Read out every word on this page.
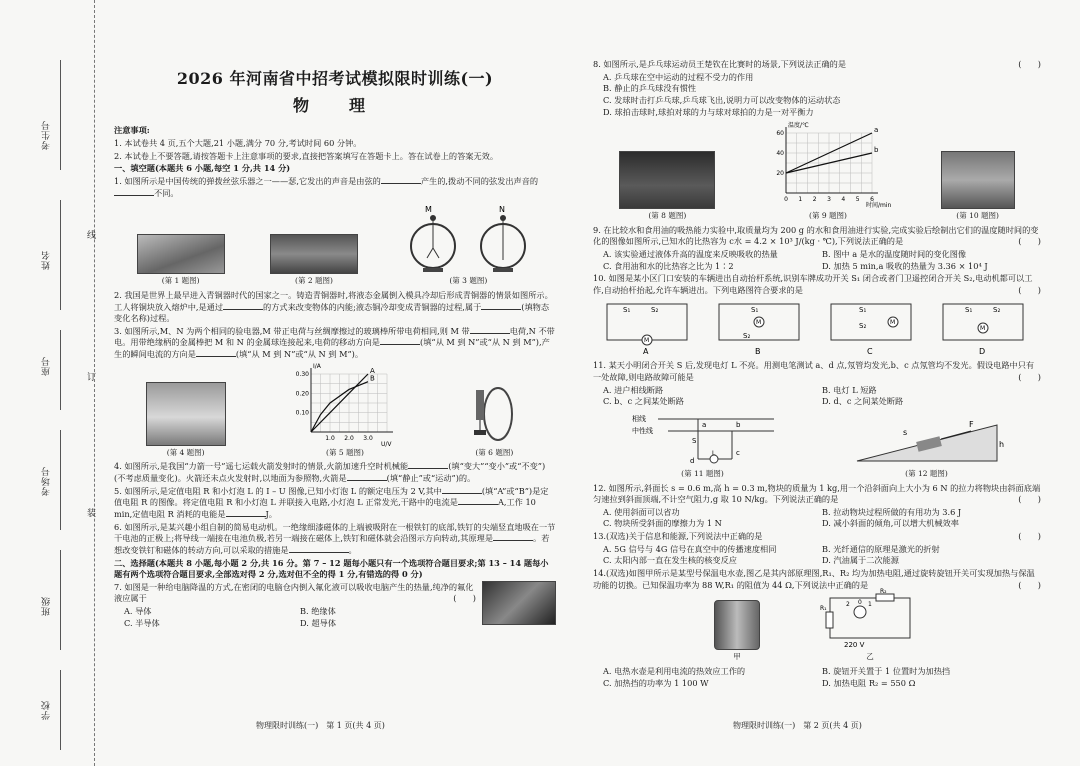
考生号
姓名
座号
考场号
班级
学校
线
订
装
2026 年河南省中招考试模拟限时训练(一)
物　理
注意事项:
1. 本试卷共 4 页,五个大题,21 小题,满分 70 分,考试时间 60 分钟。
2. 本试卷上不要答题,请按答题卡上注意事项的要求,直接把答案填写在答题卡上。答在试卷上的答案无效。
一、填空题(本题共 6 小题,每空 1 分,共 14 分)
1. 如图所示是中国传统的弹拨丝弦乐器之一——瑟,它发出的声音是由弦的	产生的,拨动不同的弦发出声音的不同。
(第 1 题图)	(第 2 题图)
M	N
(第 3 题图)
2. 我国是世界上最早进入青铜器时代的国家之一。铸造青铜器时,将液态金属倒入模具冷却后形成青铜器的情景如图所示。工人将铜块放入熔炉中,是通过	的方式来改变物体的内能;液态铜冷却变成青铜器的过程,属于	(填物态变化名称)过程。
3. 如图所示,M、N 为两个相同的验电器,M 带正电荷与丝绸摩擦过的玻璃棒所带电荷相同,则 M 带	电荷,N 不带电。用带绝缘柄的金属棒把 M 和 N 的金属球连接起来,电荷的移动方向是	(填“从 M 到 N”或“从 N 到 M”),产生的瞬间电流的方向是	(填“从 M 到 N”或“从 N 到 M”)。
(第 4 题图)
I/A
U/V
0.10
0.20
0.30
1.0 2.0 3.0
A
B
(第 5 题图)	(第 6 题图)
4. 如图所示,是我国“力箭一号”遥七运载火箭发射时的情景,火箭加速升空时机械能	(填“变大”“变小”或“不变”)(不考虑质量变化)。火箭还未点火发射时,以地面为参照物,火箭是	(填“静止”或“运动”)的。
5. 如图所示,是定值电阻 R 和小灯泡 L 的 I – U 图像,已知小灯泡 L 的额定电压为 2 V,其中	(填“A”或“B”)是定值电阻 R 的图像。将定值电阻 R 和小灯泡 L 并联接入电路,小灯泡 L 正常发光,干路中的电流是	A,工作 10 min,定值电阻 R 消耗的电能是	J。
6. 如图所示,是某兴趣小组自制的简易电动机。一绝缘细漆磁体的上端被吸附在一根铁钉的底部,铁钉的尖端竖直地吸在一节干电池的正极上;将导线一端接在电池负极,若另一端接在磁体上,铁钉和磁体就会沿图示方向转动,其原理是	。若想改变铁钉和磁体的转动方向,可以采取的措施是	。
二、选择题(本题共 8 小题,每小题 2 分,共 16 分。第 7 – 12 题每小题只有一个选项符合题目要求;第 13 – 14 题每小题有两个选项符合题目要求,全部选对得 2 分,选对但不全的得 1 分,有错选的得 0 分)
7. 如图是一种给电脑降温的方式,在密闭的电脑仓内倒入氟化液可以吸收电脑产生的热量,纯净的氟化液应属于	(　　)
A. 导体	B. 绝缘体
C. 半导体	D. 超导体
8. 如图所示,是乒乓球运动员王楚钦在比赛时的场景,下列说法正确的是	(　　)
A. 乒乓球在空中运动的过程不受力的作用
B. 静止的乒乓球没有惯性
C. 发球时击打乒乓球,乒乓球飞出,说明力可以改变物体的运动状态
D. 球拍击球时,球拍对球的力与球对球拍的力是一对平衡力
(第 8 题图)
温度/℃
时间/min
20
40
60
0 1 2 3 4 5 6
a
b
(第 9 题图)	(第 10 题图)
9. 在比较水和食用油的吸热能力实验中,取质量均为 200 g 的水和食用油进行实验,完成实验后绘制出它们的温度随时间的变化的图像如图所示,已知水的比热容为 c水 = 4.2 × 10³ J/(kg · ℃),下列说法正确的是	(　　)
A. 该实验通过液体升高的温度来反映吸收的热量	B. 图中 a 是水的温度随时间的变化图像
C. 食用油和水的比热容之比为 1∶2	D. 加热 5 min,a 吸收的热量为 3.36 × 10⁴ J
10. 如图是某小区门口安装的车辆进出自动抬杆系统,识别车牌成功开关 S₁ 闭合或者门卫遥控闭合开关 S₂,电动机都可以工作,自动抬杆抬起,允许车辆进出。下列电路图符合要求的是	(　　)
S₁	S₂
M
A
S₁
S₂
M
B
S₁
S₂	M
C
S₁	S₂
M
D
11. 某天小明闭合开关 S 后,发现电灯 L 不亮。用测电笔测试 a、d 点,氖管均发光,b、c 点氖管均不发光。假设电路中只有一处故障,则电路故障可能是	(　　)
A. 进户相线断路	B. 电灯 L 短路
C. b、c 之间某处断路	D. d、c 之间某处断路
相线
中性线
L
S
a	b
c
d
(第 11 题图)
F
s
h
(第 12 题图)
12. 如图所示,斜面长 s = 0.6 m,高 h = 0.3 m,物块的质量为 1 kg,用一个沿斜面向上大小为 6 N 的拉力将物块由斜面底端匀速拉到斜面顶端,不计空气阻力,g 取 10 N/kg。下列说法正确的是	(　　)
A. 使用斜面可以省功	B. 拉动物块过程所做的有用功为 3.6 J
C. 物块所受斜面的摩擦力为 1 N	D. 减小斜面的倾角,可以增大机械效率
13.(双选)关于信息和能源,下列说法中正确的是	(　　)
A. 5G 信号与 4G 信号在真空中的传播速度相同	B. 光纤通信的原理是激光的折射
C. 太阳内部一直在发生核的核变反应	D. 汽油属于二次能源
14.(双选)如图甲所示是某型号保温电水壶,图乙是其内部原理图,R₁、R₂ 均为加热电阻,通过旋转旋钮开关可实现加热与保温功能的切换。已知保温功率为 88 W,R₁ 的阻值为 44 Ω,下列说法中正确的是	(　　)
甲
R₂
R₁
2 0 1
220 V
乙
A. 电热水壶是利用电流的热效应工作的	B. 旋钮开关置于 1 位置时为加热挡
C. 加热挡的功率为 1 100 W	D. 加热电阻 R₂ = 550 Ω
物理限时训练(一)　第 1 页(共 4 页)	物理限时训练(一)　第 2 页(共 4 页)
